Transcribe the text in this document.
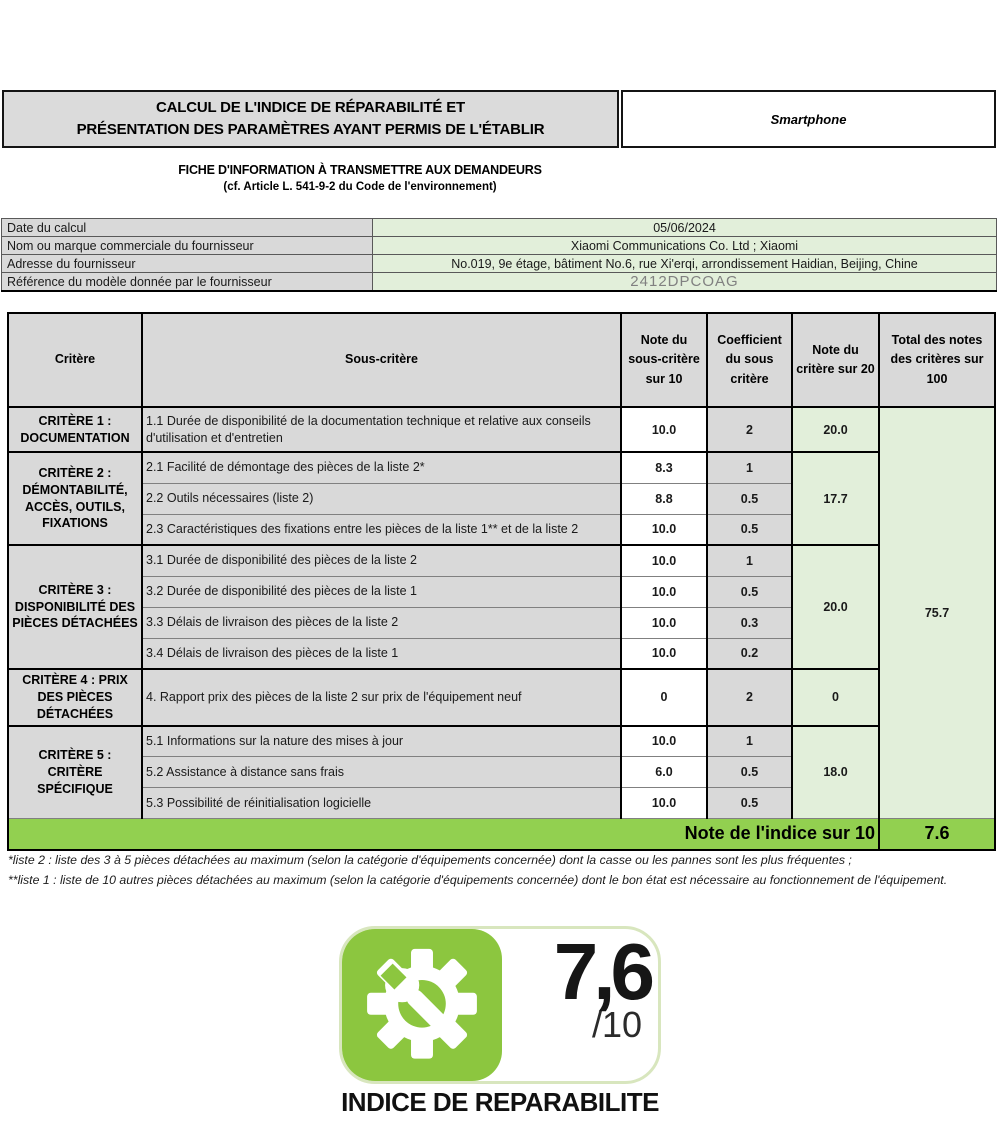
CALCUL DE L'INDICE DE RÉPARABILITÉ ET
PRÉSENTATION DES PARAMÈTRES AYANT PERMIS DE L'ÉTABLIR
Smartphone
FICHE D'INFORMATION À TRANSMETTRE AUX DEMANDEURS
(cf. Article L. 541-9-2 du Code de l'environnement)
Date du calcul	05/06/2024
Nom ou marque commerciale du fournisseur	Xiaomi Communications Co. Ltd ; Xiaomi
Adresse du fournisseur	No.019, 9e étage, bâtiment No.6, rue Xi'erqi, arrondissement Haidian, Beijing, Chine
Référence du modèle donnée par le fournisseur	2412DPCOAG
Critère	Sous-critère	Note du sous-critère sur 10	Coefficient du sous critère	Note du critère sur 20	Total des notes des critères sur 100
CRITÈRE 1 : DOCUMENTATION	1.1 Durée de disponibilité de la documentation technique et relative aux conseils d'utilisation et d'entretien	10.0	2	20.0	75.7
CRITÈRE 2 : DÉMONTABILITÉ, ACCÈS, OUTILS, FIXATIONS	2.1 Facilité de démontage des pièces de la liste 2*	8.3	1	17.7	
	2.2 Outils nécessaires (liste 2)	8.8	0.5		
	2.3 Caractéristiques des fixations entre les pièces de la liste 1** et de la liste 2	10.0	0.5		
CRITÈRE 3 : DISPONIBILITÉ DES PIÈCES DÉTACHÉES	3.1 Durée de disponibilité des pièces de la liste 2	10.0	1	20.0	
	3.2 Durée de disponibilité des pièces de la liste 1	10.0	0.5		
	3.3 Délais de livraison des pièces de la liste 2	10.0	0.3		
	3.4 Délais de livraison des pièces de la liste 1	10.0	0.2		
CRITÈRE 4 : PRIX DES PIÈCES DÉTACHÉES	4. Rapport prix des pièces de la liste 2 sur prix de l'équipement neuf	0	2	0	
CRITÈRE 5 : CRITÈRE SPÉCIFIQUE	5.1 Informations sur la nature des mises à jour	10.0	1	18.0	
	5.2 Assistance à distance sans frais	6.0	0.5		
	5.3 Possibilité de réinitialisation logicielle	10.0	0.5		
Note de l'indice sur 10					7.6

*liste 2 : liste des 3 à 5 pièces détachées au maximum (selon la catégorie d'équipements concernée) dont la casse ou les pannes sont les plus fréquentes ;

**liste 1 : liste de 10 autres pièces détachées au maximum (selon la catégorie d'équipements concernée) dont le bon état est nécessaire au fonctionnement de l'équipement.

7,6
/10
INDICE DE REPARABILITE
